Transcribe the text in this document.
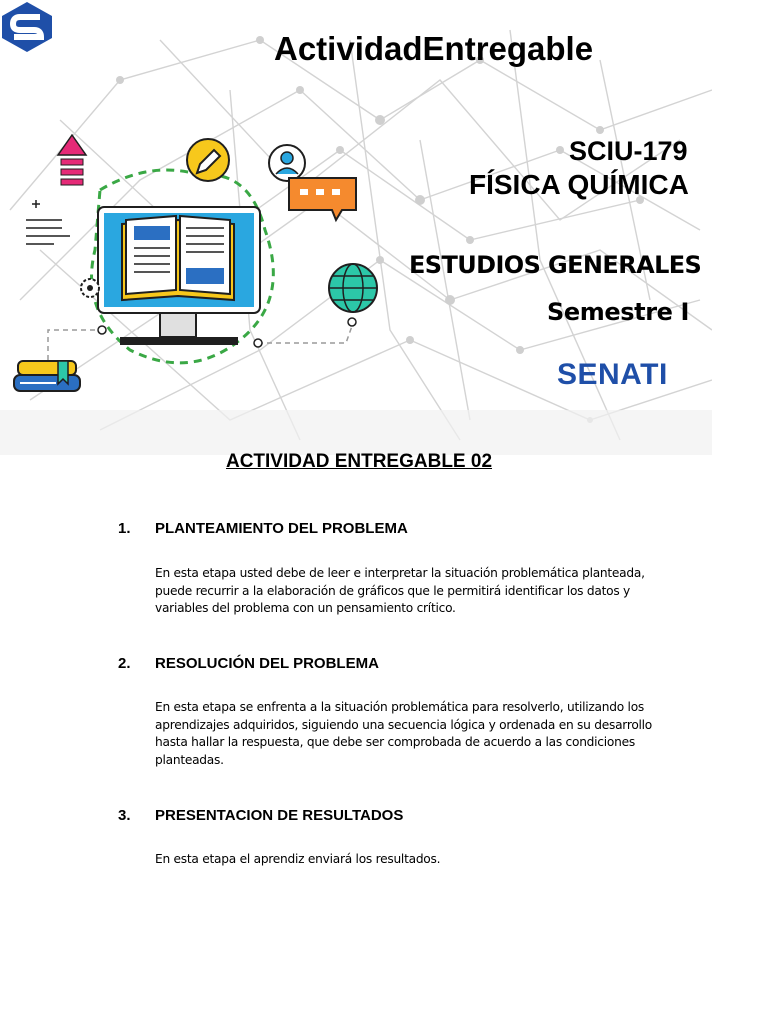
ActividadEntregable
SCIU-179
FÍSICA QUÍMICA
ESTUDIOS GENERALES
Semestre I
SENATI
ACTIVIDAD ENTREGABLE 02
1. PLANTEAMIENTO DEL PROBLEMA

En esta etapa usted debe de leer e interpretar la situación problemática planteada,
puede recurrir a la elaboración de gráficos que le permitirá identificar los datos y
variables del problema con un pensamiento crítico.

2. RESOLUCIÓN DEL PROBLEMA

En esta etapa se enfrenta a la situación problemática para resolverlo, utilizando los
aprendizajes adquiridos, siguiendo una secuencia lógica y ordenada en su desarrollo
hasta hallar la respuesta, que debe ser comprobada de acuerdo a las condiciones
planteadas.

3. PRESENTACION DE RESULTADOS

En esta etapa el aprendiz enviará los resultados.
